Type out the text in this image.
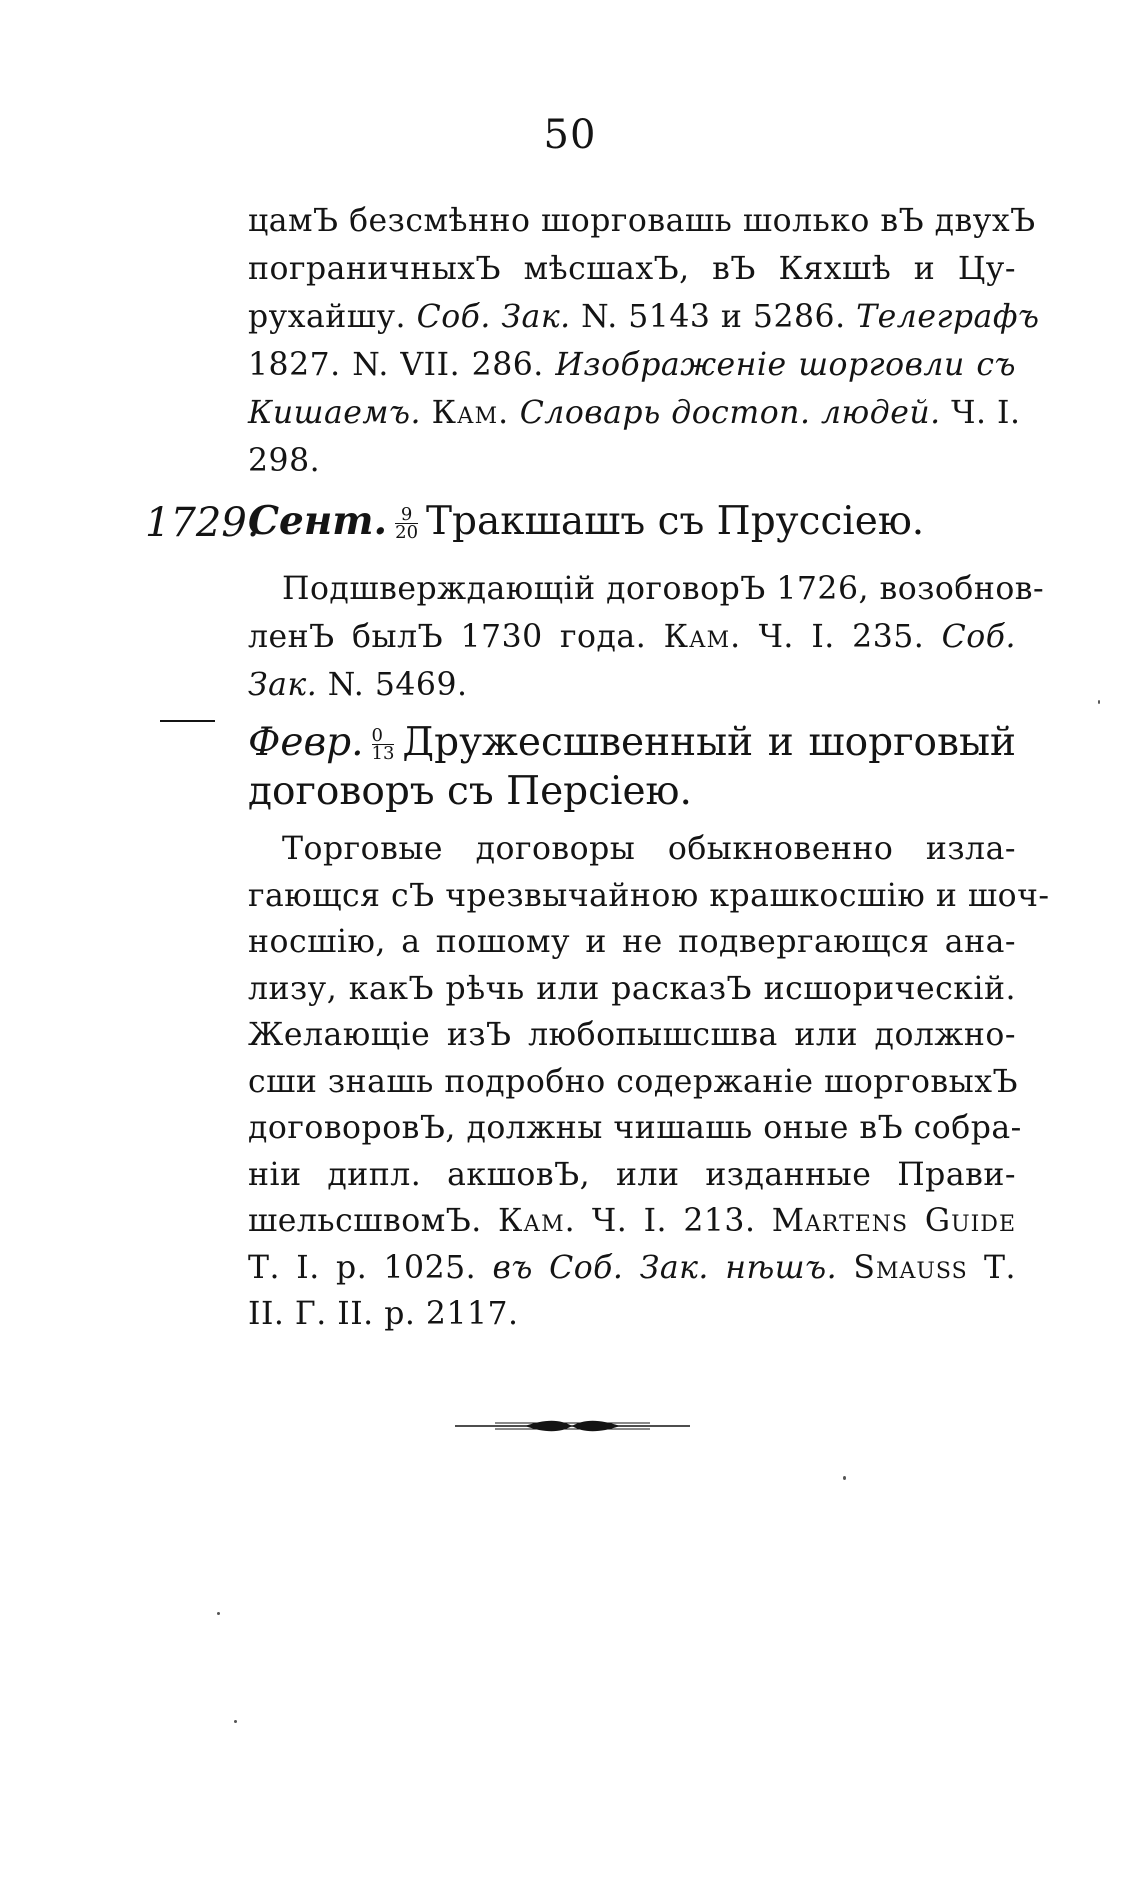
50
цамЪ безсмѣнно шорговашь шолько вЪ двухЪ
пограничныхЪ мѣсшахЪ, вЪ Кяхшѣ и Цу-
рухайшу. Соб. Зак. N. 5143 и 5286. Телеграфъ
1827. N. VII. 286. Изображенiе шорговли съ
Кишаемъ. Кам. Словарь достоп. людей. Ч. I.
298.
1729.
Сент. $\frac{9}{20}$ Тракшашъ съ Пруссiею.
Подшверждающiй договорЪ 1726, возобнов-
ленЪ былЪ 1730 года. Кам. Ч. I. 235. Соб.
Зак. N. 5469.
Февр. $\frac{0}{13}$ Дружесшвенный и шорговый
договоръ съ Персiею.
Торговые договоры обыкновенно изла-
гающся сЪ чрезвычайною крашкосшiю и шоч-
носшiю, а пошому и не подвергающся ана-
лизу, какЪ рѣчь или расказЪ исшорическiй.
Желающiе изЪ любопышсшва или должно-
сши знашь подробно содержанiе шорговыхЪ
договоровЪ, должны чишашь оные вЪ собра-
нiи дипл. акшовЪ, или изданные Прави-
шельсшвомЪ. Кам. Ч. I. 213. Martens Guide
Т. I. р. 1025. въ Соб. Зак. нѣшъ. Smauss Т.
II. Г. II. р. 2117.
